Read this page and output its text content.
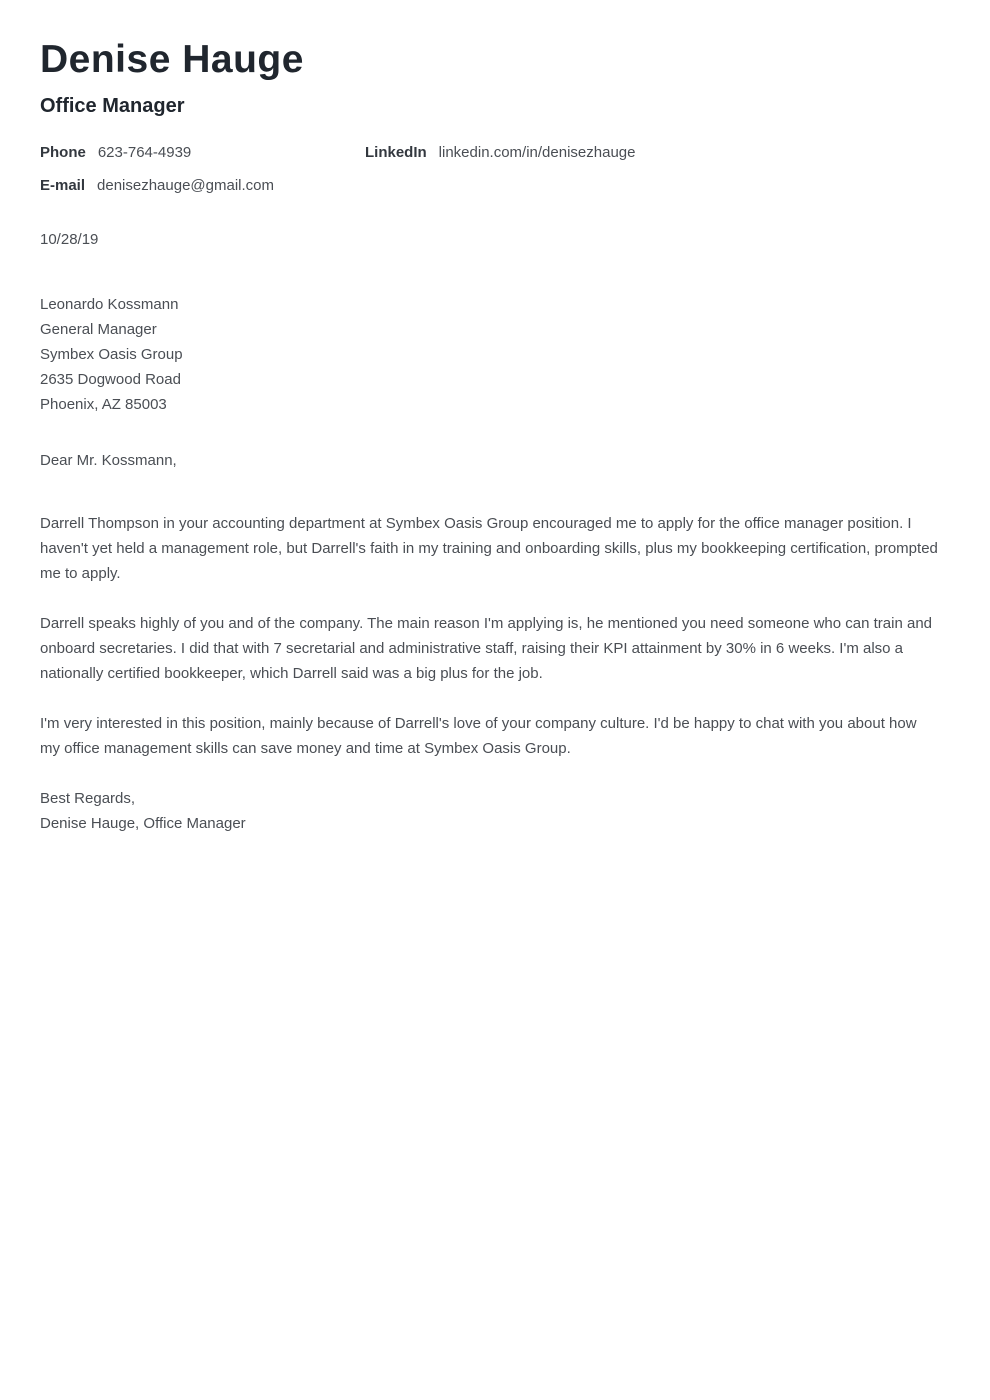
Denise Hauge
Office Manager
Phone 623-764-4939	LinkedIn linkedin.com/in/denisezhauge
E-mail denisezhauge@gmail.com
10/28/19
Leonardo Kossmann
General Manager
Symbex Oasis Group
2635 Dogwood Road
Phoenix, AZ 85003
Dear Mr. Kossmann,

Darrell Thompson in your accounting department at Symbex Oasis Group encouraged me to apply for the office manager position. I haven't yet held a management role, but Darrell's faith in my training and onboarding skills, plus my bookkeeping certification, prompted me to apply.

Darrell speaks highly of you and of the company. The main reason I'm applying is, he mentioned you need someone who can train and onboard secretaries. I did that with 7 secretarial and administrative staff, raising their KPI attainment by 30% in 6 weeks. I'm also a nationally certified bookkeeper, which Darrell said was a big plus for the job.

I'm very interested in this position, mainly because of Darrell's love of your company culture. I'd be happy to chat with you about how my office management skills can save money and time at Symbex Oasis Group.

Best Regards,
Denise Hauge, Office Manager
